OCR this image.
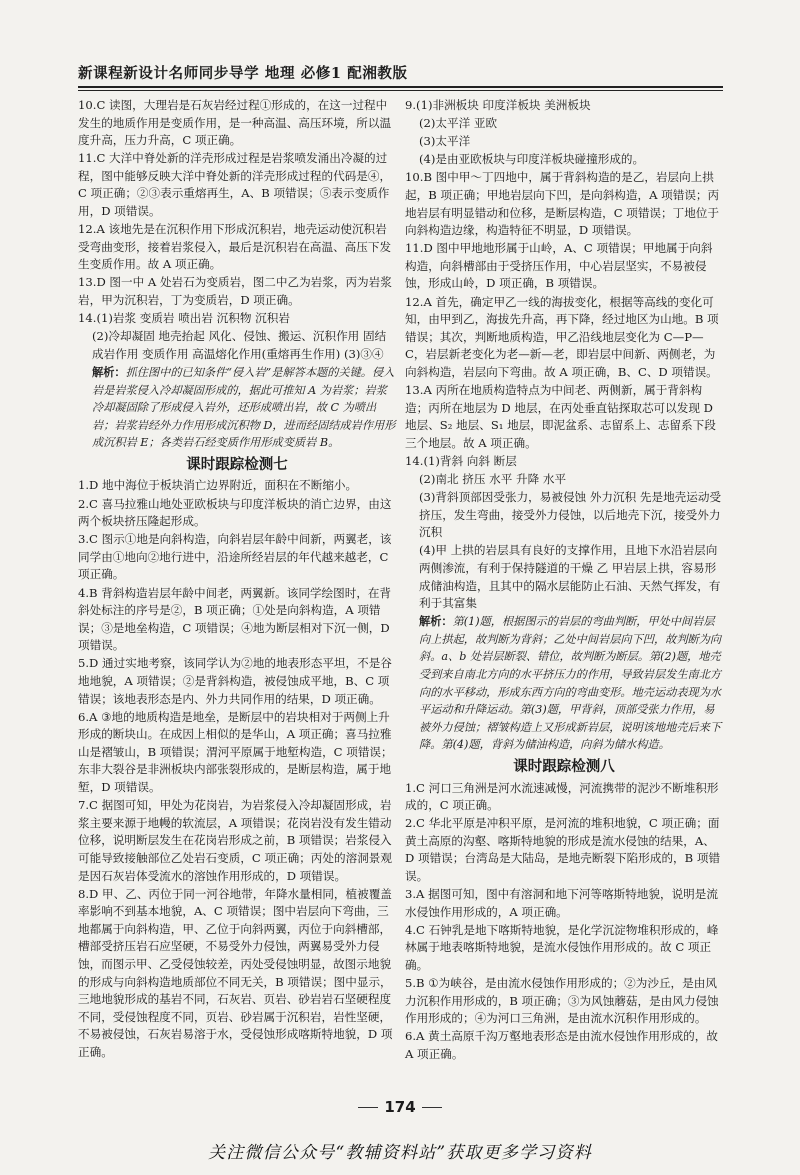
新课程新设计名师同步导学 地理 必修1 配湘教版
10.C 读图，大理岩是石灰岩经过程①形成的，在这一过程中发生的地质作用是变质作用，是一种高温、高压环境，所以温度升高，压力升高，C 项正确。
11.C 大洋中脊处新的洋壳形成过程是岩浆喷发涌出冷凝的过程，图中能够反映大洋中脊处新的洋壳形成过程的代码是④，C 项正确；②③表示重熔再生，A、B 项错误；⑤表示变质作用，D 项错误。
12.A 该地先是在沉积作用下形成沉积岩，地壳运动使沉积岩受弯曲变形，接着岩浆侵入，最后是沉积岩在高温、高压下发生变质作用。故 A 项正确。
13.D 图一中 A 处岩石为变质岩，图二中乙为岩浆，丙为岩浆岩，甲为沉积岩，丁为变质岩，D 项正确。
14.(1)岩浆 变质岩 喷出岩 沉积物 沉积岩
(2)冷却凝固 地壳抬起 风化、侵蚀、搬运、沉积作用 固结成岩作用 变质作用 高温熔化作用(重熔再生作用) (3)③④
解析：抓住图中的已知条件“侵入岩”是解答本题的关键。侵入岩是岩浆侵入冷却凝固形成的，据此可推知 A 为岩浆；岩浆冷却凝固除了形成侵入岩外，还形成喷出岩，故 C 为喷出岩；岩浆岩经外力作用形成沉积物 D，进而经固结成岩作用形成沉积岩 E；各类岩石经变质作用形成变质岩 B。
课时跟踪检测七
1.D 地中海位于板块消亡边界附近，面积在不断缩小。
2.C 喜马拉雅山地处亚欧板块与印度洋板块的消亡边界，由这两个板块挤压隆起形成。
3.C 图示①地是向斜构造，向斜岩层年龄中间新，两翼老，该同学由①地向②地行进中，沿途所经岩层的年代越来越老，C 项正确。
4.B 背斜构造岩层年龄中间老，两翼新。该同学绘图时，在背斜处标注的序号是②，B 项正确；①处是向斜构造，A 项错误；③是地垒构造，C 项错误；④地为断层相对下沉一侧，D 项错误。
5.D 通过实地考察，该同学认为②地的地表形态平坦，不是谷地地貌，A 项错误；②是背斜构造，被侵蚀成平地，B、C 项错误；该地表形态是内、外力共同作用的结果，D 项正确。
6.A ③地的地质构造是地垒，是断层中的岩块相对于两侧上升形成的断块山。在成因上相似的是华山，A 项正确；喜马拉雅山是褶皱山，B 项错误；渭河平原属于地堑构造，C 项错误；东非大裂谷是非洲板块内部张裂形成的，是断层构造，属于地堑，D 项错误。
7.C 据图可知，甲处为花岗岩，为岩浆侵入冷却凝固形成，岩浆主要来源于地幔的软流层，A 项错误；花岗岩没有发生错动位移，说明断层发生在花岗岩形成之前，B 项错误；岩浆侵入可能导致接触部位乙处岩石变质，C 项正确；丙处的溶洞景观是因石灰岩体受流水的溶蚀作用形成的，D 项错误。
8.D 甲、乙、丙位于同一河谷地带，年降水量相同，植被覆盖率影响不到基本地貌，A、C 项错误；图中岩层向下弯曲，三地都属于向斜构造，甲、乙位于向斜两翼，丙位于向斜槽部，槽部受挤压岩石应坚硬，不易受外力侵蚀，两翼易受外力侵蚀，而图示甲、乙受侵蚀较差，丙处受侵蚀明显，故图示地貌的形成与向斜构造地质部位不同无关，B 项错误；图中显示，三地地貌形成的基岩不同，石灰岩、页岩、砂岩岩石坚硬程度不同，受侵蚀程度不同，页岩、砂岩属于沉积岩，岩性坚硬，不易被侵蚀，石灰岩易溶于水，受侵蚀形成喀斯特地貌，D 项正确。
9.(1)非洲板块 印度洋板块 美洲板块
(2)太平洋 亚欧
(3)太平洋
(4)是由亚欧板块与印度洋板块碰撞形成的。
10.B 图中甲～丁四地中，属于背斜构造的是乙，岩层向上拱起，B 项正确；甲地岩层向下凹，是向斜构造，A 项错误；丙地岩层有明显错动和位移，是断层构造，C 项错误；丁地位于向斜构造边缘，构造特征不明显，D 项错误。
11.D 图中甲地地形属于山岭，A、C 项错误；甲地属于向斜构造，向斜槽部由于受挤压作用，中心岩层坚实，不易被侵蚀，形成山岭，D 项正确，B 项错误。
12.A 首先，确定甲乙一线的海拔变化，根据等高线的变化可知，由甲到乙，海拔先升高，再下降，经过地区为山地。B 项错误；其次，判断地质构造，甲乙沿线地层变化为 C—P—C，岩层新老变化为老—新—老，即岩层中间新、两侧老，为向斜构造，岩层向下弯曲。故 A 项正确，B、C、D 项错误。
13.A 丙所在地质构造特点为中间老、两侧新，属于背斜构造；丙所在地层为 D 地层，在丙处垂直钻探取芯可以发现 D 地层、S₂ 地层、S₁ 地层，即泥盆系、志留系上、志留系下段三个地层。故 A 项正确。
14.(1)背斜 向斜 断层
(2)南北 挤压 水平 升降 水平
(3)背斜顶部因受张力，易被侵蚀 外力沉积 先是地壳运动受挤压，发生弯曲，接受外力侵蚀，以后地壳下沉，接受外力沉积
(4)甲 上拱的岩层具有良好的支撑作用，且地下水沿岩层向两侧渗流，有利于保持隧道的干燥 乙 甲岩层上拱，容易形成储油构造，且其中的隔水层能防止石油、天然气挥发，有利于其富集
解析：第(1)题，根据图示的岩层的弯曲判断，甲处中间岩层向上拱起，故判断为背斜；乙处中间岩层向下凹，故判断为向斜。a、b 处岩层断裂、错位，故判断为断层。第(2)题，地壳受到来自南北方向的水平挤压力的作用，导致岩层发生南北方向的水平移动，形成东西方向的弯曲变形。地壳运动表现为水平运动和升降运动。第(3)题，甲背斜，顶部受张力作用，易被外力侵蚀；褶皱构造上又形成新岩层，说明该地地壳后来下降。第(4)题，背斜为储油构造，向斜为储水构造。
课时跟踪检测八
1.C 河口三角洲是河水流速减慢，河流携带的泥沙不断堆积形成的，C 项正确。
2.C 华北平原是冲积平原，是河流的堆积地貌，C 项正确；面黄土高原的沟壑、喀斯特地貌的形成是流水侵蚀的结果，A、D 项错误；台湾岛是大陆岛，是地壳断裂下陷形成的，B 项错误。
3.A 据图可知，图中有溶洞和地下河等喀斯特地貌，说明是流水侵蚀作用形成的，A 项正确。
4.C 石钟乳是地下喀斯特地貌，是化学沉淀物堆积形成的，峰林属于地表喀斯特地貌，是流水侵蚀作用形成的。故 C 项正确。
5.B ①为峡谷，是由流水侵蚀作用形成的；②为沙丘，是由风力沉积作用形成的，B 项正确；③为风蚀蘑菇，是由风力侵蚀作用形成的；④为河口三角洲，是由流水沉积作用形成的。
6.A 黄土高原千沟万壑地表形态是由流水侵蚀作用形成的，故 A 项正确。
174
关注微信公众号“教辅资料站”获取更多学习资料
